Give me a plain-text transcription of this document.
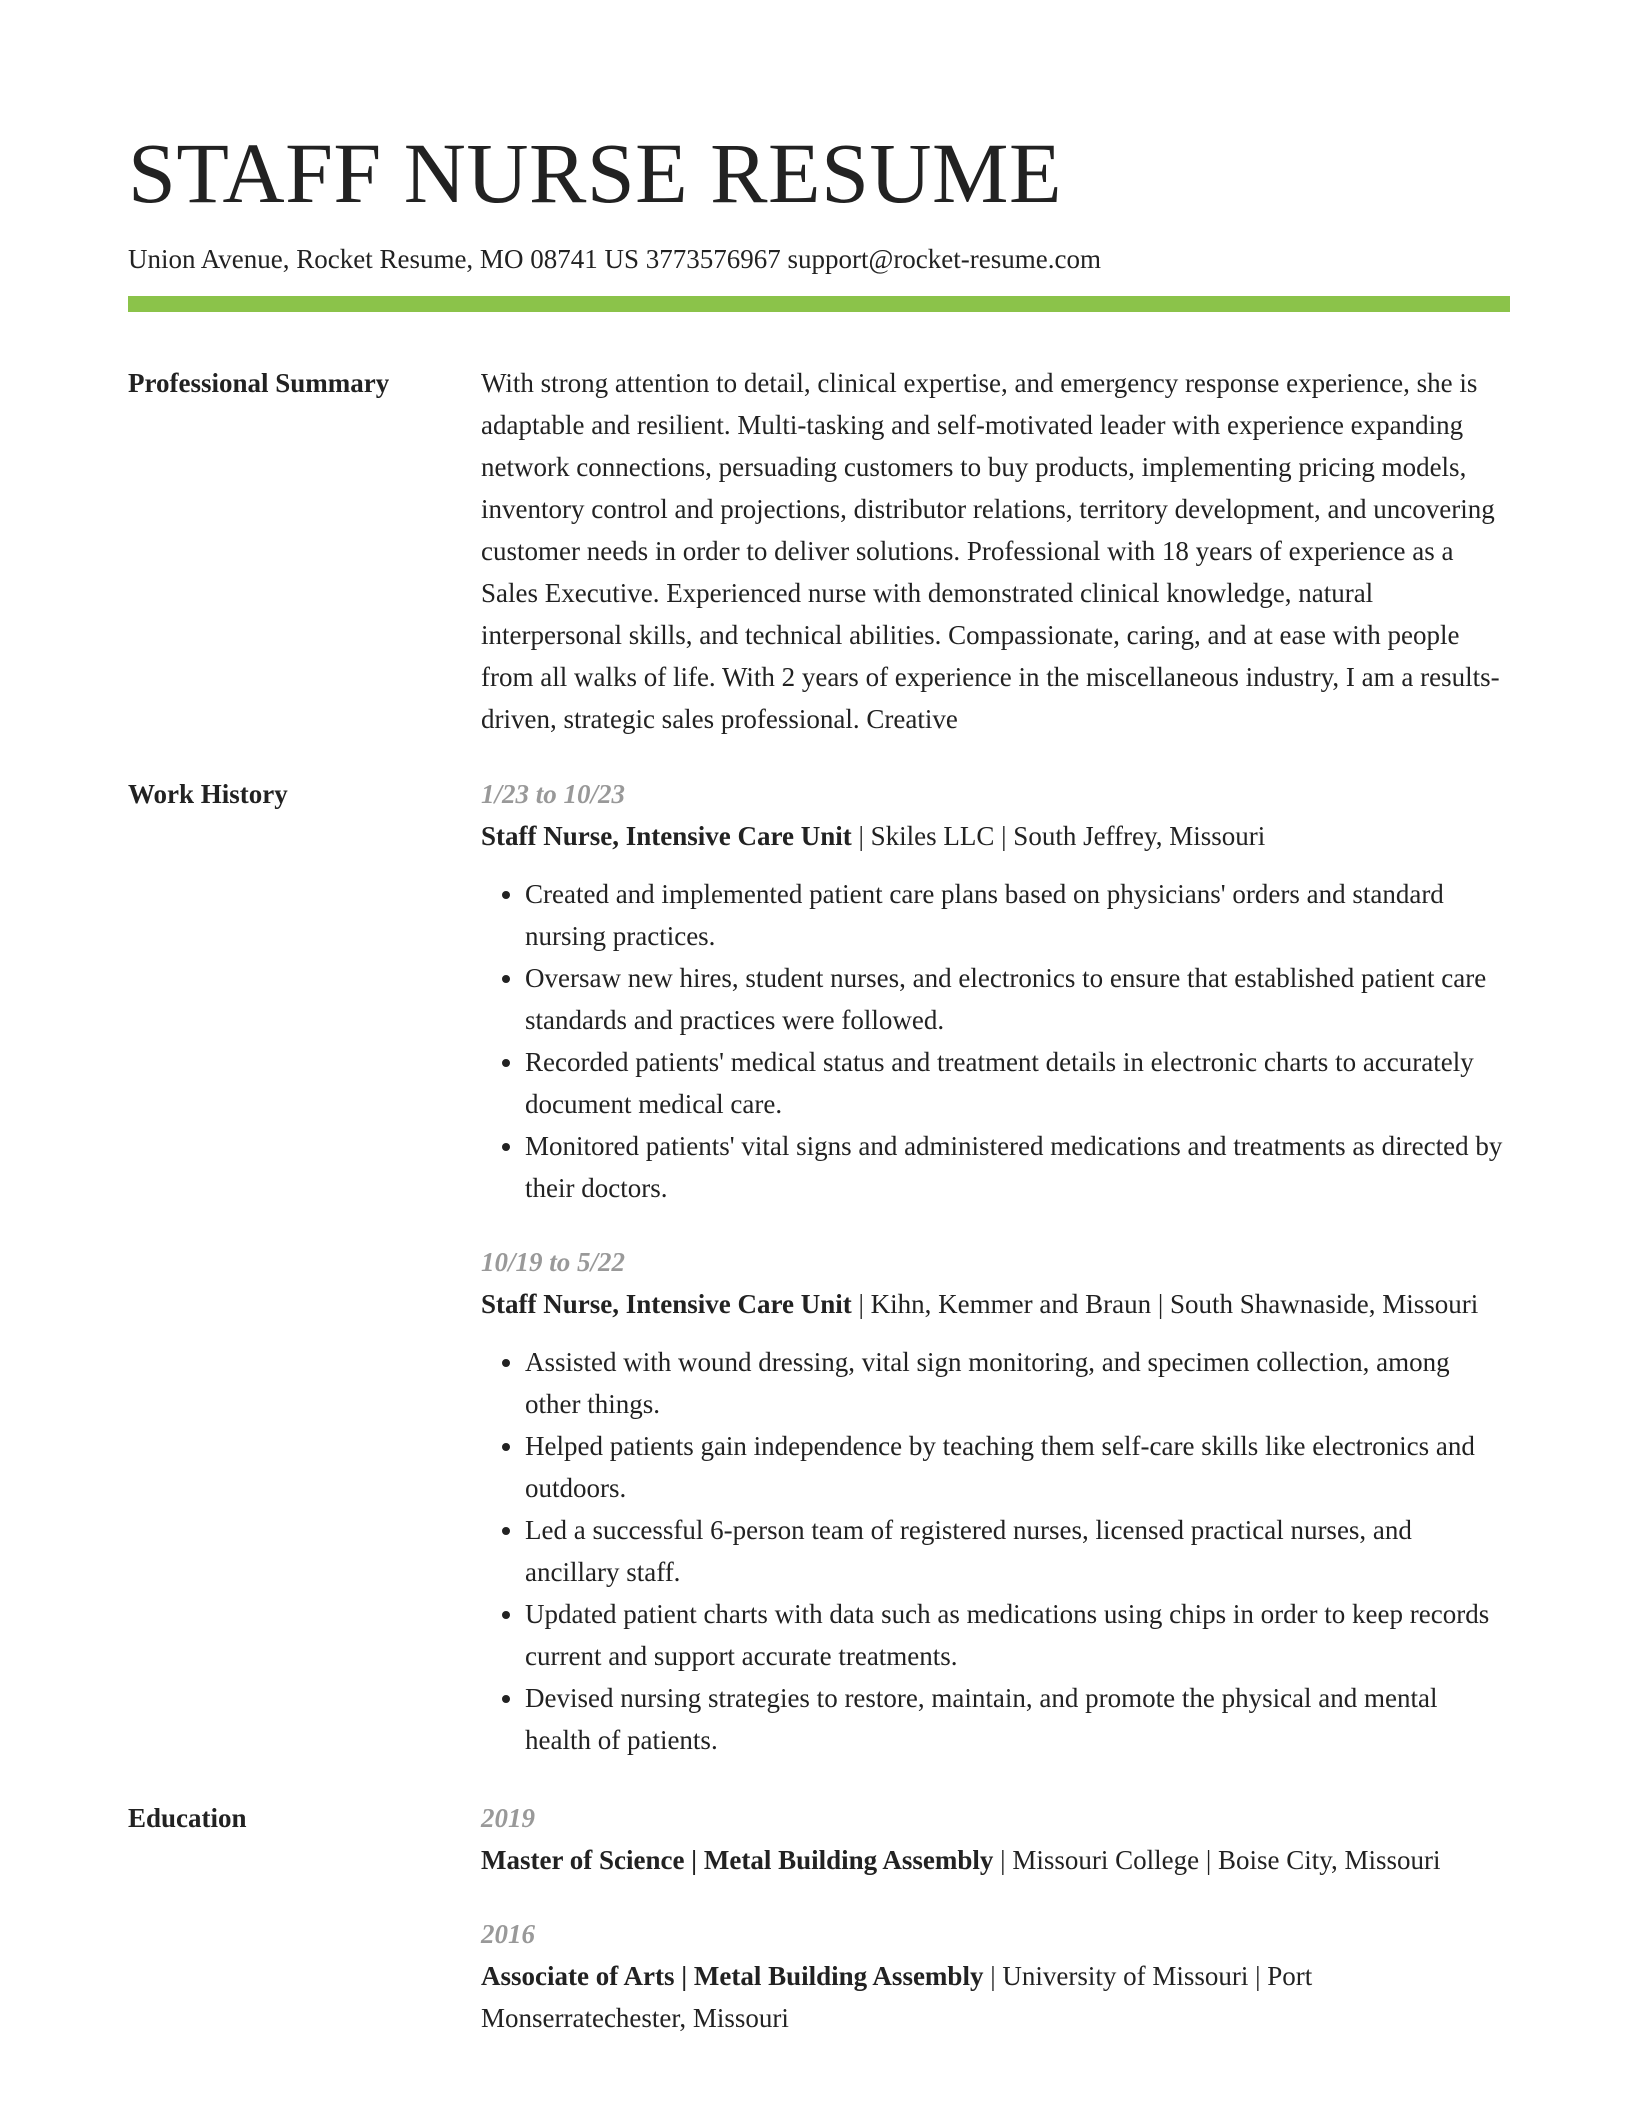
STAFF NURSE RESUME
Union Avenue, Rocket Resume, MO 08741 US 3773576967 support@rocket-resume.com
Professional Summary	With strong attention to detail, clinical expertise, and emergency response experience, she is adaptable and resilient. Multi-tasking and self-motivated leader with experience expanding network connections, persuading customers to buy products, implementing pricing models, inventory control and projections, distributor relations, territory development, and uncovering customer needs in order to deliver solutions. Professional with 18 years of experience as a Sales Executive. Experienced nurse with demonstrated clinical knowledge, natural interpersonal skills, and technical abilities. Compassionate, caring, and at ease with people from all walks of life. With 2 years of experience in the miscellaneous industry, I am a results-driven, strategic sales professional. Creative

Work History	1/23 to 10/23

Staff Nurse, Intensive Care Unit | Skiles LLC | South Jeffrey, Missouri

• Created and implemented patient care plans based on physicians' orders and standard nursing practices.
• Oversaw new hires, student nurses, and electronics to ensure that established patient care standards and practices were followed.
• Recorded patients' medical status and treatment details in electronic charts to accurately document medical care.
• Monitored patients' vital signs and administered medications and treatments as directed by their doctors.
10/19 to 5/22

Staff Nurse, Intensive Care Unit | Kihn, Kemmer and Braun | South Shawnaside, Missouri

• Assisted with wound dressing, vital sign monitoring, and specimen collection, among other things.
• Helped patients gain independence by teaching them self-care skills like electronics and outdoors.
• Led a successful 6-person team of registered nurses, licensed practical nurses, and ancillary staff.
• Updated patient charts with data such as medications using chips in order to keep records current and support accurate treatments.
• Devised nursing strategies to restore, maintain, and promote the physical and mental health of patients.
Education	2019

Master of Science | Metal Building Assembly | Missouri College | Boise City, Missouri

2016

Associate of Arts | Metal Building Assembly | University of Missouri | Port Monserratechester, Missouri
